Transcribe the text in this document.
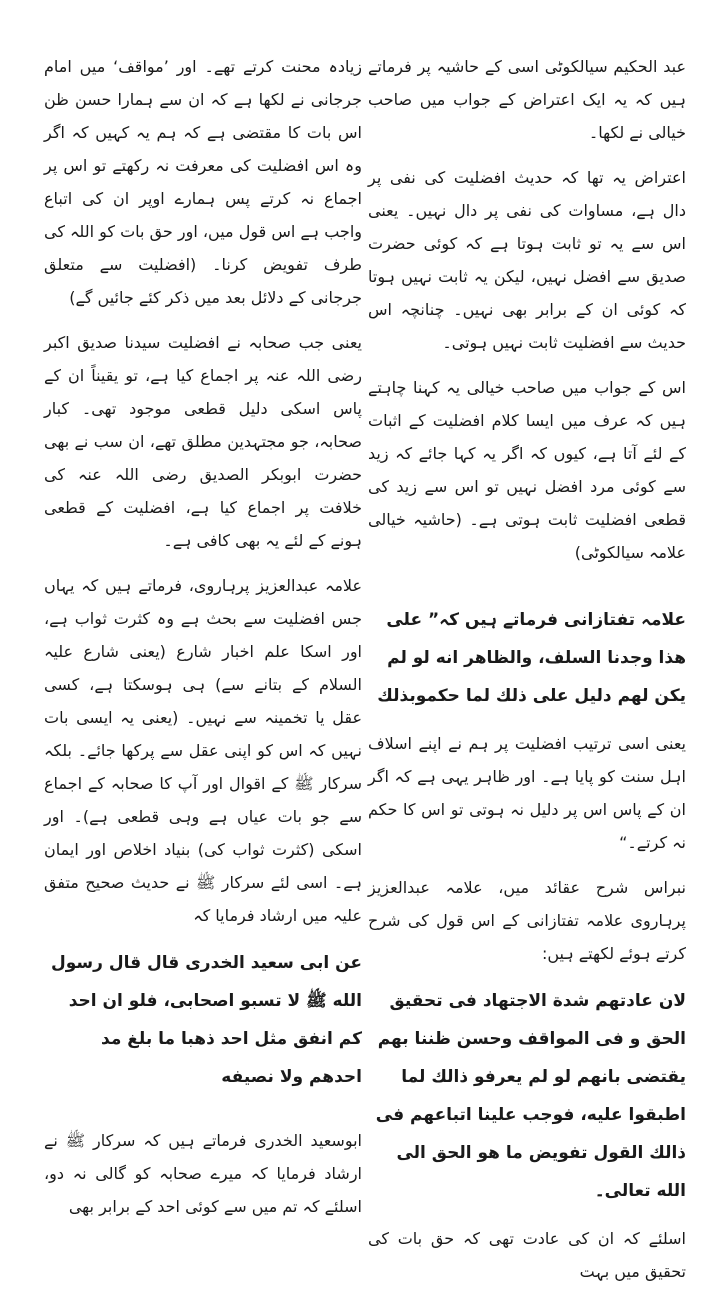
عبد الحکیم سیالکوٹی اسی کے حاشیہ پر فرماتے ہیں کہ یہ ایک اعتراض کے جواب میں صاحب خیالی نے لکھا۔

اعتراض یہ تھا کہ حدیث افضلیت کی نفی پر دال ہے، مساوات کی نفی پر دال نہیں۔ یعنی اس سے یہ تو ثابت ہوتا ہے کہ کوئی حضرت صدیق سے افضل نہیں، لیکن یہ ثابت نہیں ہوتا کہ کوئی ان کے برابر بھی نہیں۔ چنانچہ اس حدیث سے افضلیت ثابت نہیں ہوتی۔

اس کے جواب میں صاحب خیالی یہ کہنا چاہتے ہیں کہ عرف میں ایسا کلام افضلیت کے اثبات کے لئے آتا ہے، کیوں کہ اگر یہ کہا جائے کہ زید سے کوئی مرد افضل نہیں تو اس سے زید کی قطعی افضلیت ثابت ہوتی ہے۔ (حاشیہ خیالی علامہ سیالکوٹی)

علامہ تفتازانی فرماتے ہیں کہ” علی هذا وجدنا السلف، والظاهر انه لو لم یکن لهم دلیل علی ذلك لما حکموبذلك

یعنی اسی ترتیب افضلیت پر ہم نے اپنے اسلاف اہل سنت کو پایا ہے۔ اور ظاہر یہی ہے کہ اگر ان کے پاس اس پر دلیل نہ ہوتی تو اس کا حکم نہ کرتے۔“

نبراس شرح عقائد میں، علامہ عبدالعزیز پرہاروی علامہ تفتازانی کے اس قول کی شرح کرتے ہوئے لکھتے ہیں:

لان عادتهم شدة الاجتهاد فی تحقیق الحق و فی المواقف وحسن ظننا بهم یقتضی بانهم لو لم یعرفو ذالك لما اطبقوا علیه، فوجب علینا اتباعهم فی ذالك القول تفویض ما هو الحق الی الله تعالی۔

اسلئے کہ ان کی عادت تھی کہ حق بات کی تحقیق میں بہت

زیادہ محنت کرتے تھے۔ اور ’مواقف‘ میں امام جرجانی نے لکھا ہے کہ ان سے ہمارا حسن ظن اس بات کا مقتضی ہے کہ ہم یہ کہیں کہ اگر وہ اس افضلیت کی معرفت نہ رکھتے تو اس پر اجماع نہ کرتے پس ہمارے اوپر ان کی اتباع واجب ہے اس قول میں، اور حق بات کو اللہ کی طرف تفویض کرنا۔ (افضلیت سے متعلق جرجانی کے دلائل بعد میں ذکر کئے جائیں گے)

یعنی جب صحابہ نے افضلیت سیدنا صدیق اکبر رضی اللہ عنہ پر اجماع کیا ہے، تو یقیناً ان کے پاس اسکی دلیل قطعی موجود تھی۔ کبار صحابہ، جو مجتہدین مطلق تھے، ان سب نے بھی حضرت ابوبکر الصدیق رضی اللہ عنہ کی خلافت پر اجماع کیا ہے، افضلیت کے قطعی ہونے کے لئے یہ بھی کافی ہے۔

علامہ عبدالعزیز پرہاروی، فرماتے ہیں کہ یہاں جس افضلیت سے بحث ہے وہ کثرت ثواب ہے، اور اسکا علم اخبار شارع (یعنی شارع علیہ السلام کے بتانے سے) ہی ہوسکتا ہے، کسی عقل یا تخمینہ سے نہیں۔ (یعنی یہ ایسی بات نہیں کہ اس کو اپنی عقل سے پرکھا جائے۔ بلکہ سرکار ﷺ کے اقوال اور آپ کا صحابہ کے اجماع سے جو بات عیاں ہے وہی قطعی ہے)۔ اور اسکی (کثرت ثواب کی) بنیاد اخلاص اور ایمان ہے۔ اسی لئے سرکار ﷺ نے حدیث صحیح متفق علیہ میں ارشاد فرمایا کہ

عن ابی سعید الخدری قال قال رسول الله ﷺ لا تسبو اصحابی، فلو ان احد کم انفق مثل احد ذهبا ما بلغ مد احدهم ولا نصیفه

ابوسعید الخدری فرماتے ہیں کہ سرکار ﷺ نے ارشاد فرمایا کہ میرے صحابہ کو گالی نہ دو، اسلئے کہ تم میں سے کوئی احد کے برابر بھی
